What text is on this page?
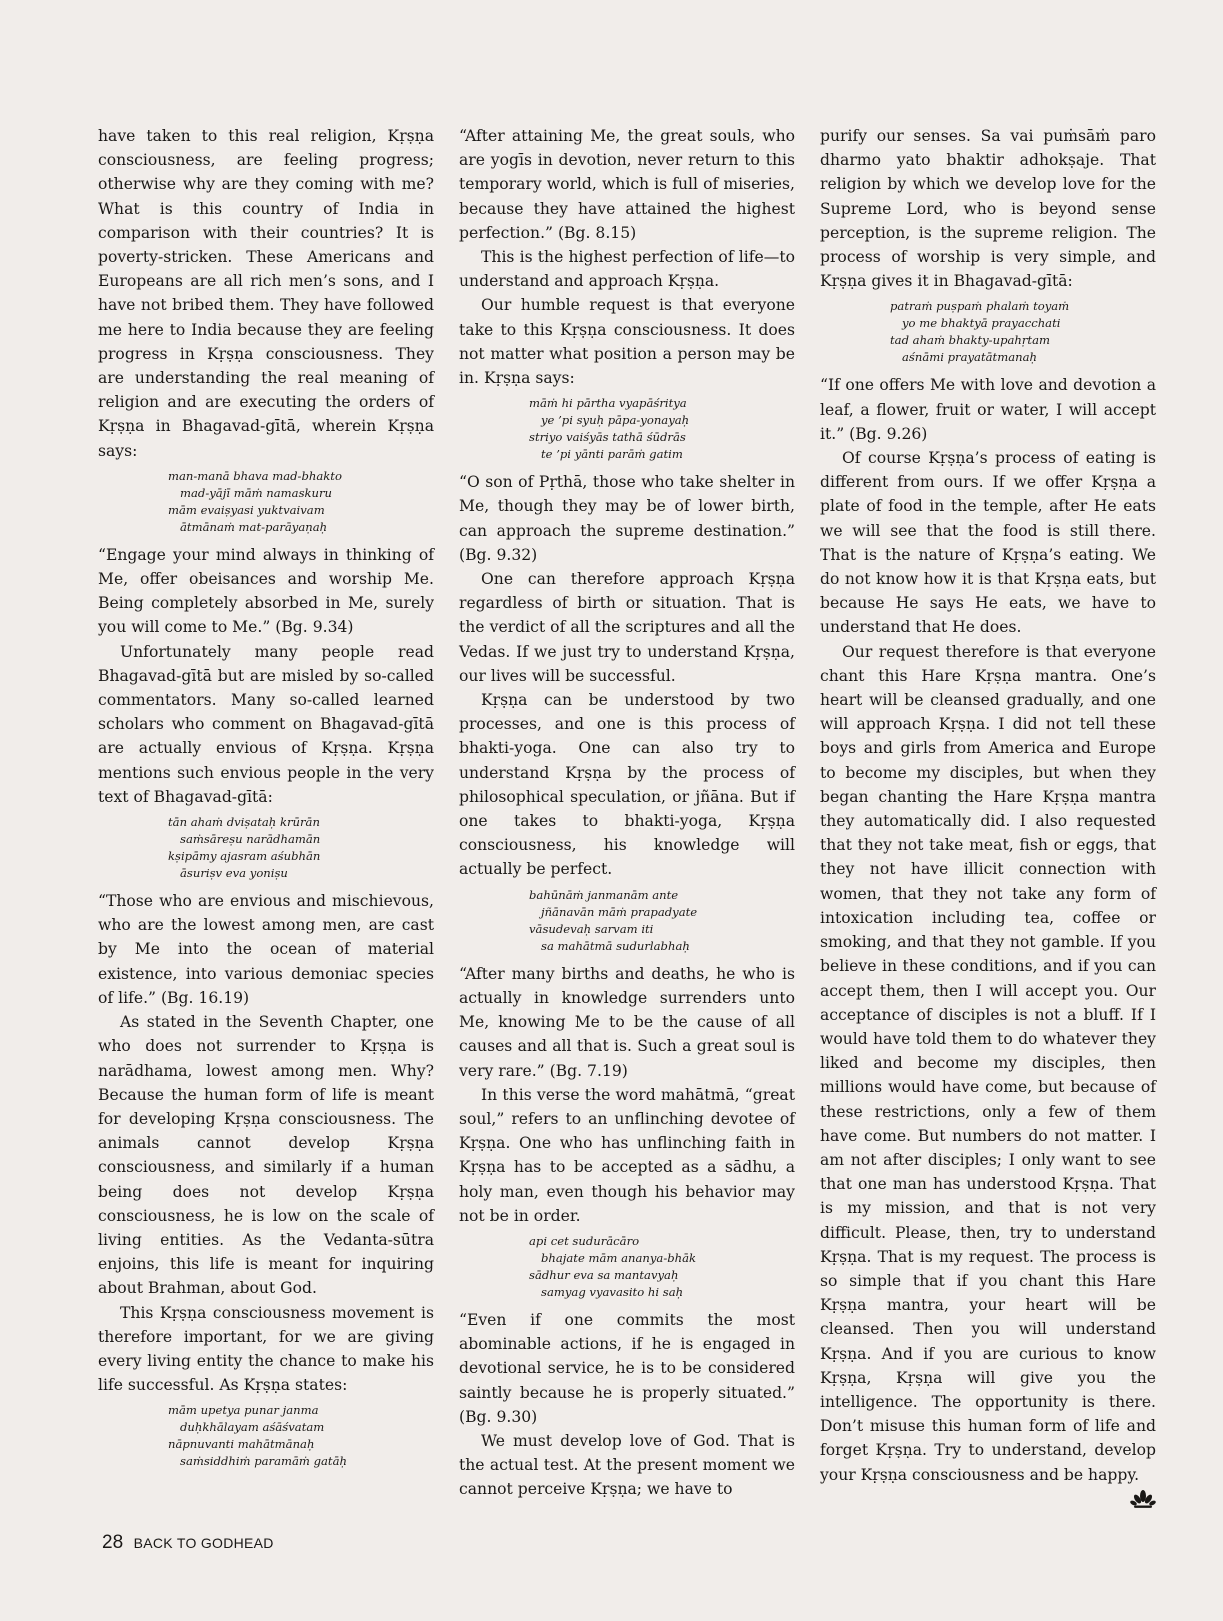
have taken to this real religion, Kṛṣṇa consciousness, are feeling progress; otherwise why are they coming with me? What is this country of India in comparison with their countries? It is poverty-stricken. These Americans and Europeans are all rich men’s sons, and I have not bribed them. They have followed me here to India because they are feeling progress in Kṛṣṇa consciousness. They are understanding the real meaning of religion and are executing the orders of Kṛṣṇa in Bhagavad-gītā, wherein Kṛṣṇa says:

man-manā bhava mad-bhakto
mad-yājī māṁ namaskuru
mām evaiṣyasi yuktvaivam
ātmānaṁ mat-parāyaṇaḥ

“Engage your mind always in thinking of Me, offer obeisances and worship Me. Being completely absorbed in Me, surely you will come to Me.” (Bg. 9.34)

Unfortunately many people read Bhagavad-gītā but are misled by so-called commentators. Many so-called learned scholars who comment on Bhagavad-gītā are actually envious of Kṛṣṇa. Kṛṣṇa mentions such envious people in the very text of Bhagavad-gītā:

tān ahaṁ dviṣataḥ krūrān
saṁsāreṣu narādhamān
kṣipāmy ajasram aśubhān
āsuriṣv eva yoniṣu

“Those who are envious and mischievous, who are the lowest among men, are cast by Me into the ocean of material existence, into various demoniac species of life.” (Bg. 16.19)

As stated in the Seventh Chapter, one who does not surrender to Kṛṣṇa is narādhama, lowest among men. Why? Because the human form of life is meant for developing Kṛṣṇa consciousness. The animals cannot develop Kṛṣṇa consciousness, and similarly if a human being does not develop Kṛṣṇa consciousness, he is low on the scale of living entities. As the Vedanta-sūtra enjoins, this life is meant for inquiring about Brahman, about God.

This Kṛṣṇa consciousness movement is therefore important, for we are giving every living entity the chance to make his life successful. As Kṛṣṇa states:

mām upetya punar janma
duḥkhālayam aśāśvatam
nāpnuvanti mahātmānaḥ
saṁsiddhiṁ paramāṁ gatāḥ

“After attaining Me, the great souls, who are yogīs in devotion, never return to this temporary world, which is full of miseries, because they have attained the highest perfection.” (Bg. 8.15)

This is the highest perfection of life—to understand and approach Kṛṣṇa.

Our humble request is that everyone take to this Kṛṣṇa consciousness. It does not matter what position a person may be in. Kṛṣṇa says:

māṁ hi pārtha vyapāśritya
ye ’pi syuḥ pāpa-yonayaḥ
striyo vaiśyās tathā śūdrās
te ’pi yānti parāṁ gatim

“O son of Pṛthā, those who take shelter in Me, though they may be of lower birth, can approach the supreme destination.” (Bg. 9.32)

One can therefore approach Kṛṣṇa regardless of birth or situation. That is the verdict of all the scriptures and all the Vedas. If we just try to understand Kṛṣṇa, our lives will be successful.

Kṛṣṇa can be understood by two processes, and one is this process of bhakti-yoga. One can also try to understand Kṛṣṇa by the process of philosophical speculation, or jñāna. But if one takes to bhakti-yoga, Kṛṣṇa consciousness, his knowledge will actually be perfect.

bahūnāṁ janmanām ante
jñānavān māṁ prapadyate
vāsudevaḥ sarvam iti
sa mahātmā sudurlabhaḥ

“After many births and deaths, he who is actually in knowledge surrenders unto Me, knowing Me to be the cause of all causes and all that is. Such a great soul is very rare.” (Bg. 7.19)

In this verse the word mahātmā, “great soul,” refers to an unflinching devotee of Kṛṣṇa. One who has unflinching faith in Kṛṣṇa has to be accepted as a sādhu, a holy man, even though his behavior may not be in order.

api cet sudurācāro
bhajate mām ananya-bhāk
sādhur eva sa mantavyaḥ
samyag vyavasito hi saḥ

“Even if one commits the most abominable actions, if he is engaged in devotional service, he is to be considered saintly because he is properly situated.” (Bg. 9.30)

We must develop love of God. That is the actual test. At the present moment we cannot perceive Kṛṣṇa; we have to

purify our senses. Sa vai puṁsāṁ paro dharmo yato bhaktir adhokṣaje. That religion by which we develop love for the Supreme Lord, who is beyond sense perception, is the supreme religion. The process of worship is very simple, and Kṛṣṇa gives it in Bhagavad-gītā:

patraṁ puṣpaṁ phalaṁ toyaṁ
yo me bhaktyā prayacchati
tad ahaṁ bhakty-upahṛtam
aśnāmi prayatātmanaḥ

“If one offers Me with love and devotion a leaf, a flower, fruit or water, I will accept it.” (Bg. 9.26)

Of course Kṛṣṇa’s process of eating is different from ours. If we offer Kṛṣṇa a plate of food in the temple, after He eats we will see that the food is still there. That is the nature of Kṛṣṇa’s eating. We do not know how it is that Kṛṣṇa eats, but because He says He eats, we have to understand that He does.

Our request therefore is that everyone chant this Hare Kṛṣṇa mantra. One’s heart will be cleansed gradually, and one will approach Kṛṣṇa. I did not tell these boys and girls from America and Europe to become my disciples, but when they began chanting the Hare Kṛṣṇa mantra they automatically did. I also requested that they not take meat, fish or eggs, that they not have illicit connection with women, that they not take any form of intoxication including tea, coffee or smoking, and that they not gamble. If you believe in these conditions, and if you can accept them, then I will accept you. Our acceptance of disciples is not a bluff. If I would have told them to do whatever they liked and become my disciples, then millions would have come, but because of these restrictions, only a few of them have come. But numbers do not matter. I am not after disciples; I only want to see that one man has understood Kṛṣṇa. That is my mission, and that is not very difficult. Please, then, try to understand Kṛṣṇa. That is my request. The process is so simple that if you chant this Hare Kṛṣṇa mantra, your heart will be cleansed. Then you will understand Kṛṣṇa. And if you are curious to know Kṛṣṇa, Kṛṣṇa will give you the intelligence. The opportunity is there. Don’t misuse this human form of life and forget Kṛṣṇa. Try to understand, develop your Kṛṣṇa consciousness and be happy.

28 BACK TO GODHEAD
